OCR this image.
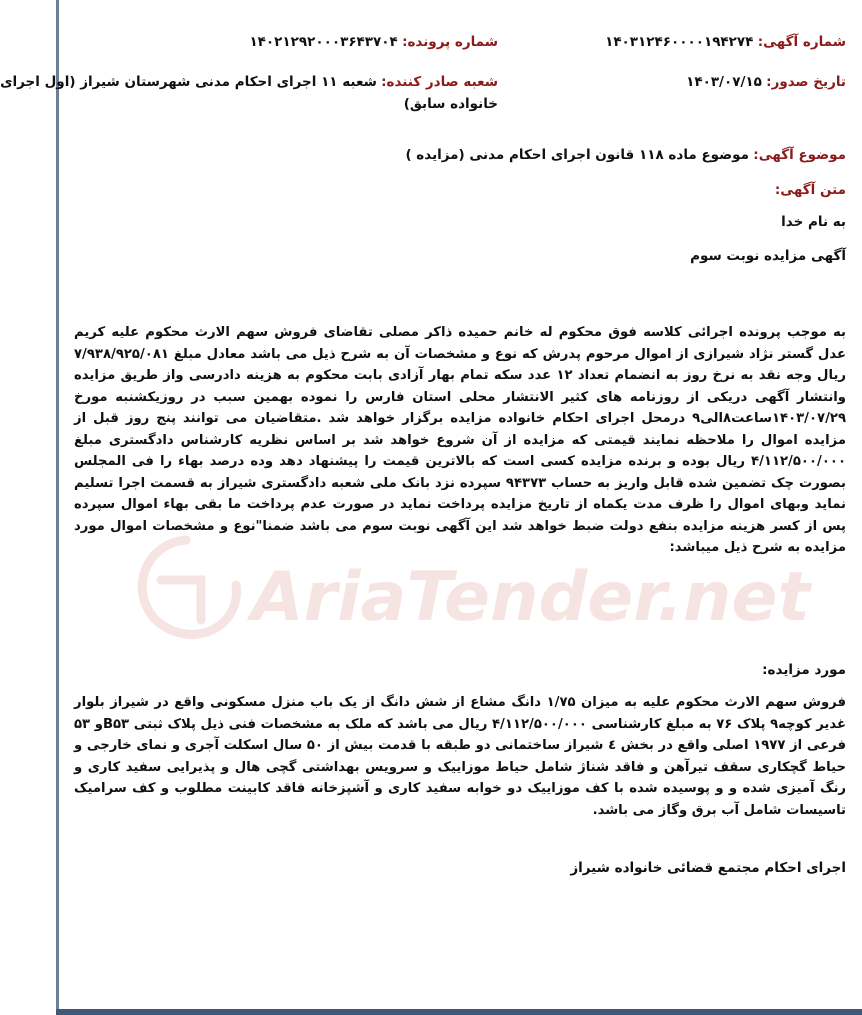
شماره آگهی: ۱۴۰۳۱۲۴۶۰۰۰۰۱۹۴۲۷۴
شماره پرونده: ۱۴۰۲۱۲۹۲۰۰۰۳۶۴۳۷۰۴
تاریخ صدور: ۱۴۰۳/۰۷/۱۵
شعبه صادر کننده: شعبه ۱۱ اجرای احکام مدنی شهرستان شیراز (اول اجرای
خانواده سابق)
موضوع آگهی: موضوع ماده ۱۱۸ قانون اجرای احکام مدنی (مزایده )
متن آگهی:
به نام خدا
آگهی مزایده نوبت سوم
AriaTender.net
به موجب پرونده اجرائی کلاسه فوق محکوم له خانم حمیده ذاکر مصلی تقاضای فروش سهم الارث محکوم علیه کریم عدل گستر نژاد شیرازی از اموال مرحوم پدرش که نوع و مشخصات آن به شرح ذیل می باشد معادل مبلغ ۷/۹۳۸/۹۲۵/۰۸۱ ریال وجه نقد به نرخ روز به انضمام تعداد ۱۲ عدد سکه تمام بهار آزادی بابت محکوم به هزینه دادرسی واز طریق مزایده وانتشار آگهی دریکی از روزنامه های کثیر الانتشار محلی استان فارس را نموده بهمین سبب در روزیکشنبه مورخ ۱۴۰۳/۰۷/۲۹ساعت۸الی۹ درمحل اجرای احکام خانواده مزایده برگزار خواهد شد .متقاضیان می توانند پنج روز قبل از مزایده اموال را ملاحظه نمایند قیمتی که مزایده از آن شروع خواهد شد بر اساس نظریه کارشناس دادگستری مبلغ ۴/۱۱۲/۵۰۰/۰۰۰ ریال بوده و برنده مزایده کسی است که بالاترین قیمت را پیشنهاد دهد وده درصد بهاء را فی المجلس بصورت چک تضمین شده قابل واریز به حساب ۹۴۳۷۳ سپرده نزد بانک ملی شعبه دادگستری شیراز به قسمت اجرا تسلیم نماید وبهای اموال را ظرف مدت یکماه از تاریخ مزایده پرداخت نماید در صورت عدم پرداخت ما بقی بهاء اموال سپرده پس از کسر هزینه مزایده بنفع دولت ضبط خواهد شد این آگهی نوبت سوم می باشد ضمنا"نوع و مشخصات اموال مورد مزایده به شرح ذیل میباشد:
مورد مزایده:
فروش سهم الارث محکوم علیه به میزان ۱/۷۵ دانگ مشاع از شش دانگ از یک باب منزل مسکونی واقع در شیراز بلوار غدیر کوچه۹ پلاک ۷۶ به مبلغ کارشناسی ۴/۱۱۲/۵۰۰/۰۰۰ ریال می باشد که ملک به مشخصات فنی ذیل پلاک ثبتی B۵۳و ۵۳ فرعی از ۱۹۷۷ اصلی واقع در بخش ٤ شیراز ساختمانی دو طبقه با قدمت بیش از ۵۰ سال اسکلت آجری و نمای خارجی و حیاط گچکاری سقف تیرآهن و فاقد شناژ شامل حیاط موزاییک و سرویس بهداشتی گچی هال و پذیرایی سفید کاری و رنگ آمیزی شده و و پوسیده شده با کف موزاییک دو خوابه سفید کاری و آشپزخانه فاقد کابینت مطلوب و کف سرامیک تاسیسات شامل آب برق وگاز می باشد.
اجرای احکام مجتمع قضائی خانواده شیراز
